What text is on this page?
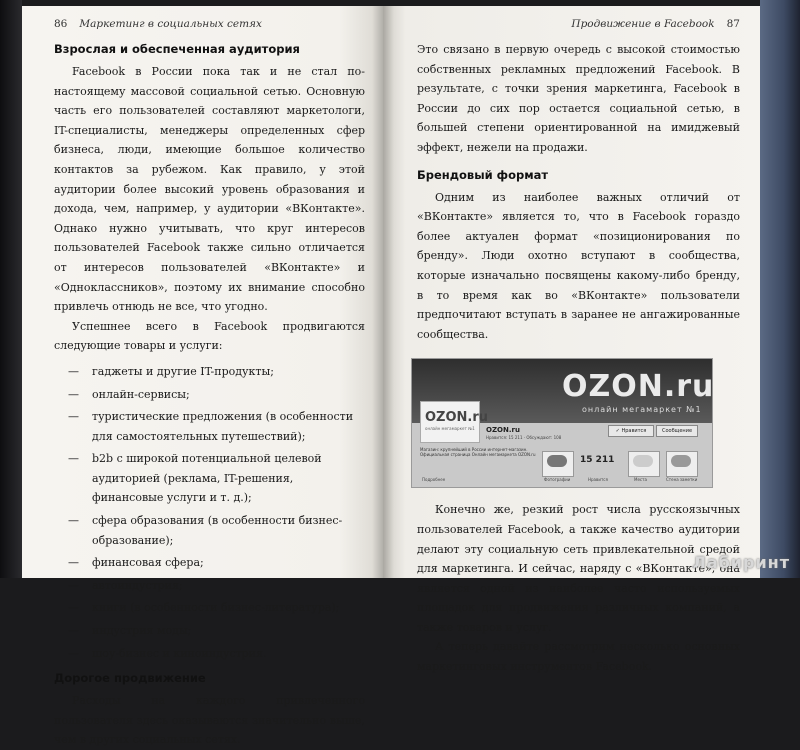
86 Маркетинг в социальных сетях
Взрослая и обеспеченная аудитория

Facebook в России пока так и не стал по-настоящему массовой социальной сетью. Основную часть его пользователей составляют маркетологи, IT-специалисты, менеджеры определенных сфер бизнеса, люди, имеющие большое количество контактов за рубежом. Как правило, у этой аудитории более высокий уровень образования и дохода, чем, например, у аудитории «ВКонтакте». Однако нужно учитывать, что круг интересов пользователей Facebook также сильно отличается от интересов пользователей «ВКонтакте» и «Одноклассников», поэтому их внимание способно привлечь отнюдь не все, что угодно.

Успешнее всего в Facebook продвигаются следующие товары и услуги:

— гаджеты и другие IT-продукты;
— онлайн-сервисы;
— туристические предложения (в особенности для самостоятельных путешествий);
— b2b с широкой потенциальной целевой аудиторией (реклама, IT-решения, финансовые услуги и т. д.);
— сфера образования (в особенности бизнес-образование);
— финансовая сфера;
— автоиндустрия;
— книги (в особенности бизнес-литература);
— индустрия моды;
— шоу-бизнес и киноиндустрия.
Дорогое продвижение

Расходы на каждого привлеченного пользователя здесь оказываются значительно выше, чем в других социальных сетях.

Продвижение в Facebook 87

Это связано в первую очередь с высокой стоимостью собственных рекламных предложений Facebook. В результате, с точки зрения маркетинга, Facebook в России до сих пор остается социальной сетью, в большей степени ориентированной на имиджевый эффект, нежели на продажи.

Брендовый формат

Одним из наиболее важных отличий от «ВКонтакте» является то, что в Facebook гораздо более актуален формат «позиционирования по бренду». Люди охотно вступают в сообщества, которые изначально посвящены какому-либо бренду, в то время как во «ВКонтакте» пользователи предпочитают вступать в заранее не ангажированные сообщества.

OZON.ru
онлайн мегамаркет №1
OZON.ru
онлайн мегамаркет №1 OZON.ru
Нравится: 15 211 · Обсуждают: 108
✓ Нравится	Сообщение
Магазин: крупнейший в России интернет-магазин. Официальная страница Онлайн мегамаркета OZON.ru
15 211
Подробнее	Фотографии	Нравится	Места	Стена заметки

Конечно же, резкий рост числа русскоязычных пользователей Facebook, а также качество аудитории делают эту социальную сеть привлекательной средой для маркетинга. И сейчас, наряду с «ВКонтакте», она является одной из наиболее часто используемых площадок для продвижения различных компаний, а также товаров и услуг.

А теперь давайте рассмотрим несколько основных маркетинговых инструментов Facebook.

Лабиринт
